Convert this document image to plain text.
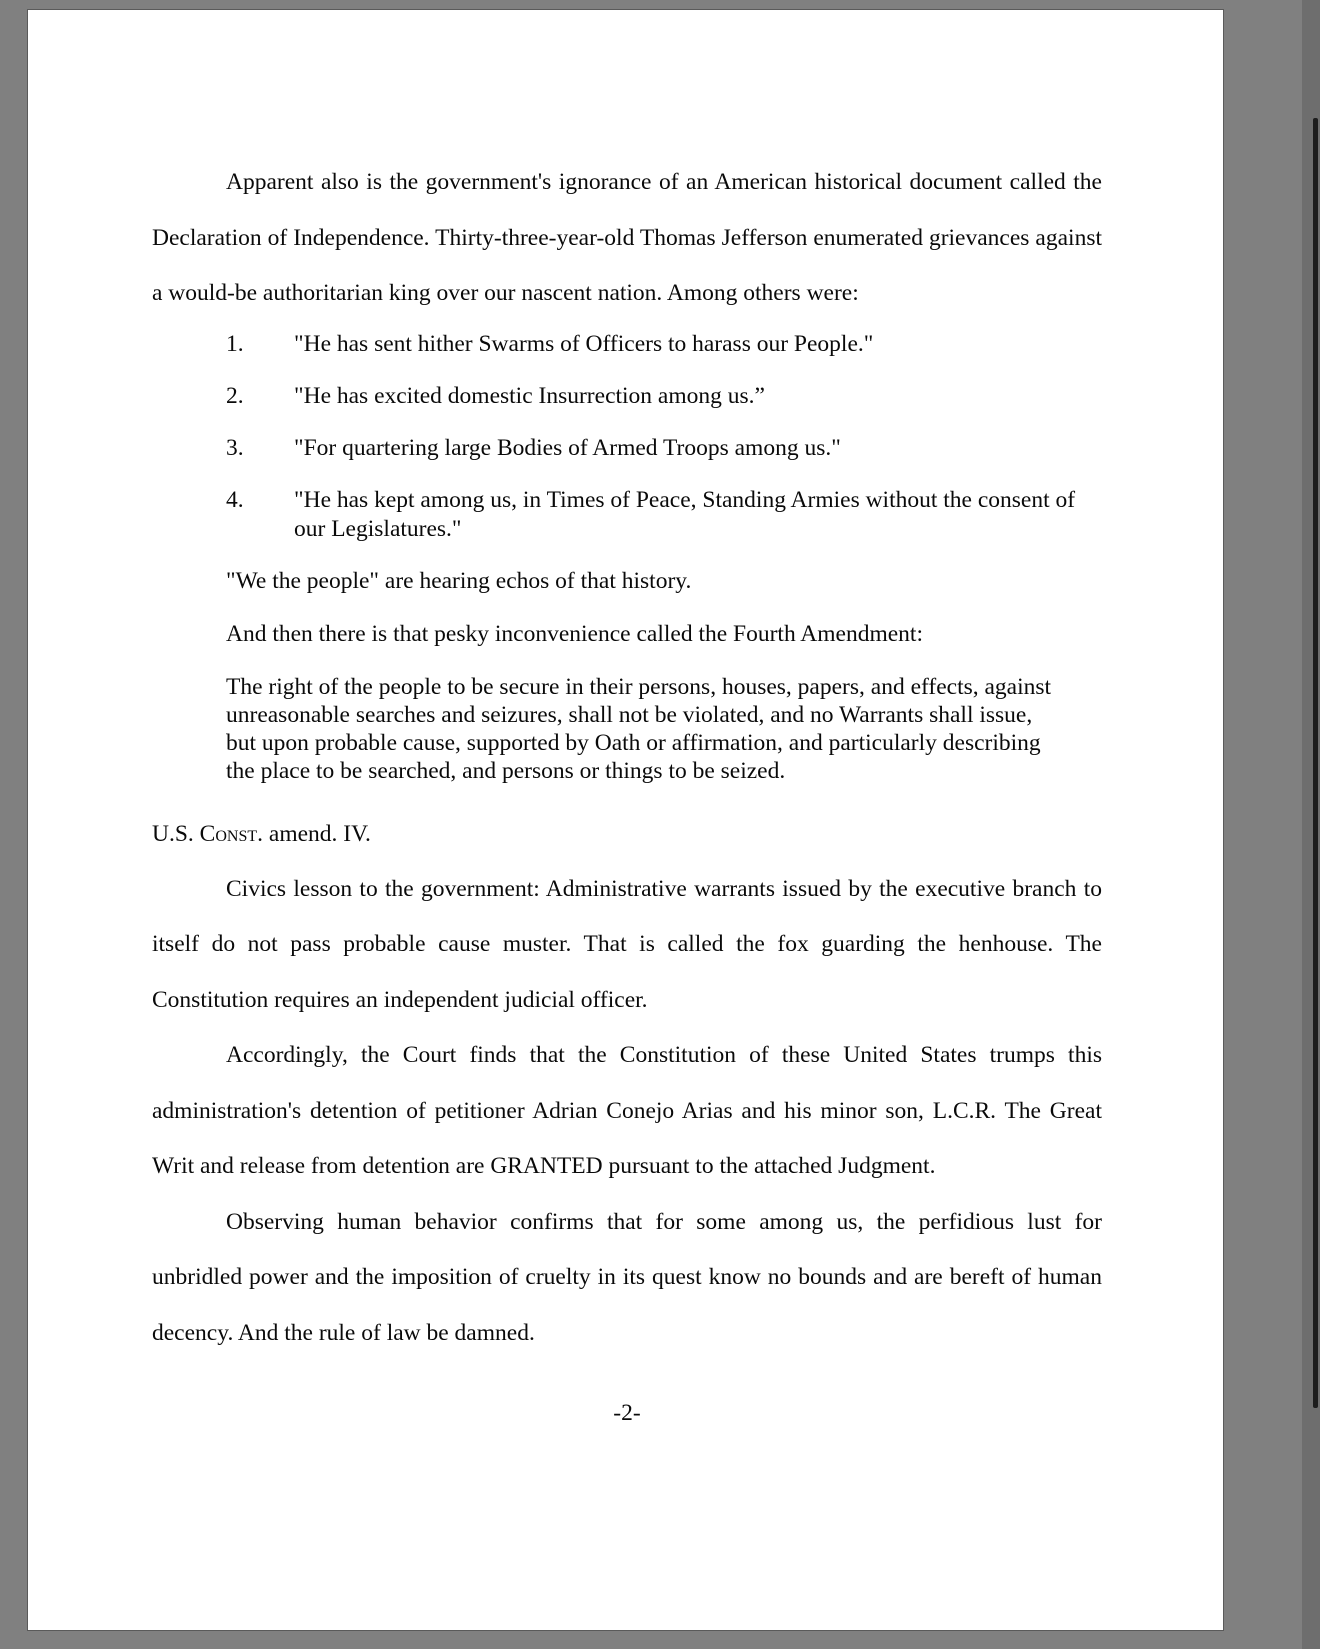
Apparent also is the government's ignorance of an American historical document called the Declaration of Independence. Thirty-three-year-old Thomas Jefferson enumerated grievances against a would-be authoritarian king over our nascent nation. Among others were:

1. "He has sent hither Swarms of Officers to harass our People."
2. "He has excited domestic Insurrection among us.”
3. "For quartering large Bodies of Armed Troops among us."
4. "He has kept among us, in Times of Peace, Standing Armies without the consent of our Legislatures."

"We the people" are hearing echos of that history.

And then there is that pesky inconvenience called the Fourth Amendment:

The right of the people to be secure in their persons, houses, papers, and effects, against

unreasonable searches and seizures, shall not be violated, and no Warrants shall issue,

but upon probable cause, supported by Oath or affirmation, and particularly describing

the place to be searched, and persons or things to be seized.

U.S. Const. amend. IV.

Civics lesson to the government: Administrative warrants issued by the executive branch to itself do not pass probable cause muster. That is called the fox guarding the henhouse. The Constitution requires an independent judicial officer.

Accordingly, the Court finds that the Constitution of these United States trumps this administration's detention of petitioner Adrian Conejo Arias and his minor son, L.C.R. The Great Writ and release from detention are GRANTED pursuant to the attached Judgment.

Observing human behavior confirms that for some among us, the perfidious lust for unbridled power and the imposition of cruelty in its quest know no bounds and are bereft of human decency. And the rule of law be damned.

-2-
